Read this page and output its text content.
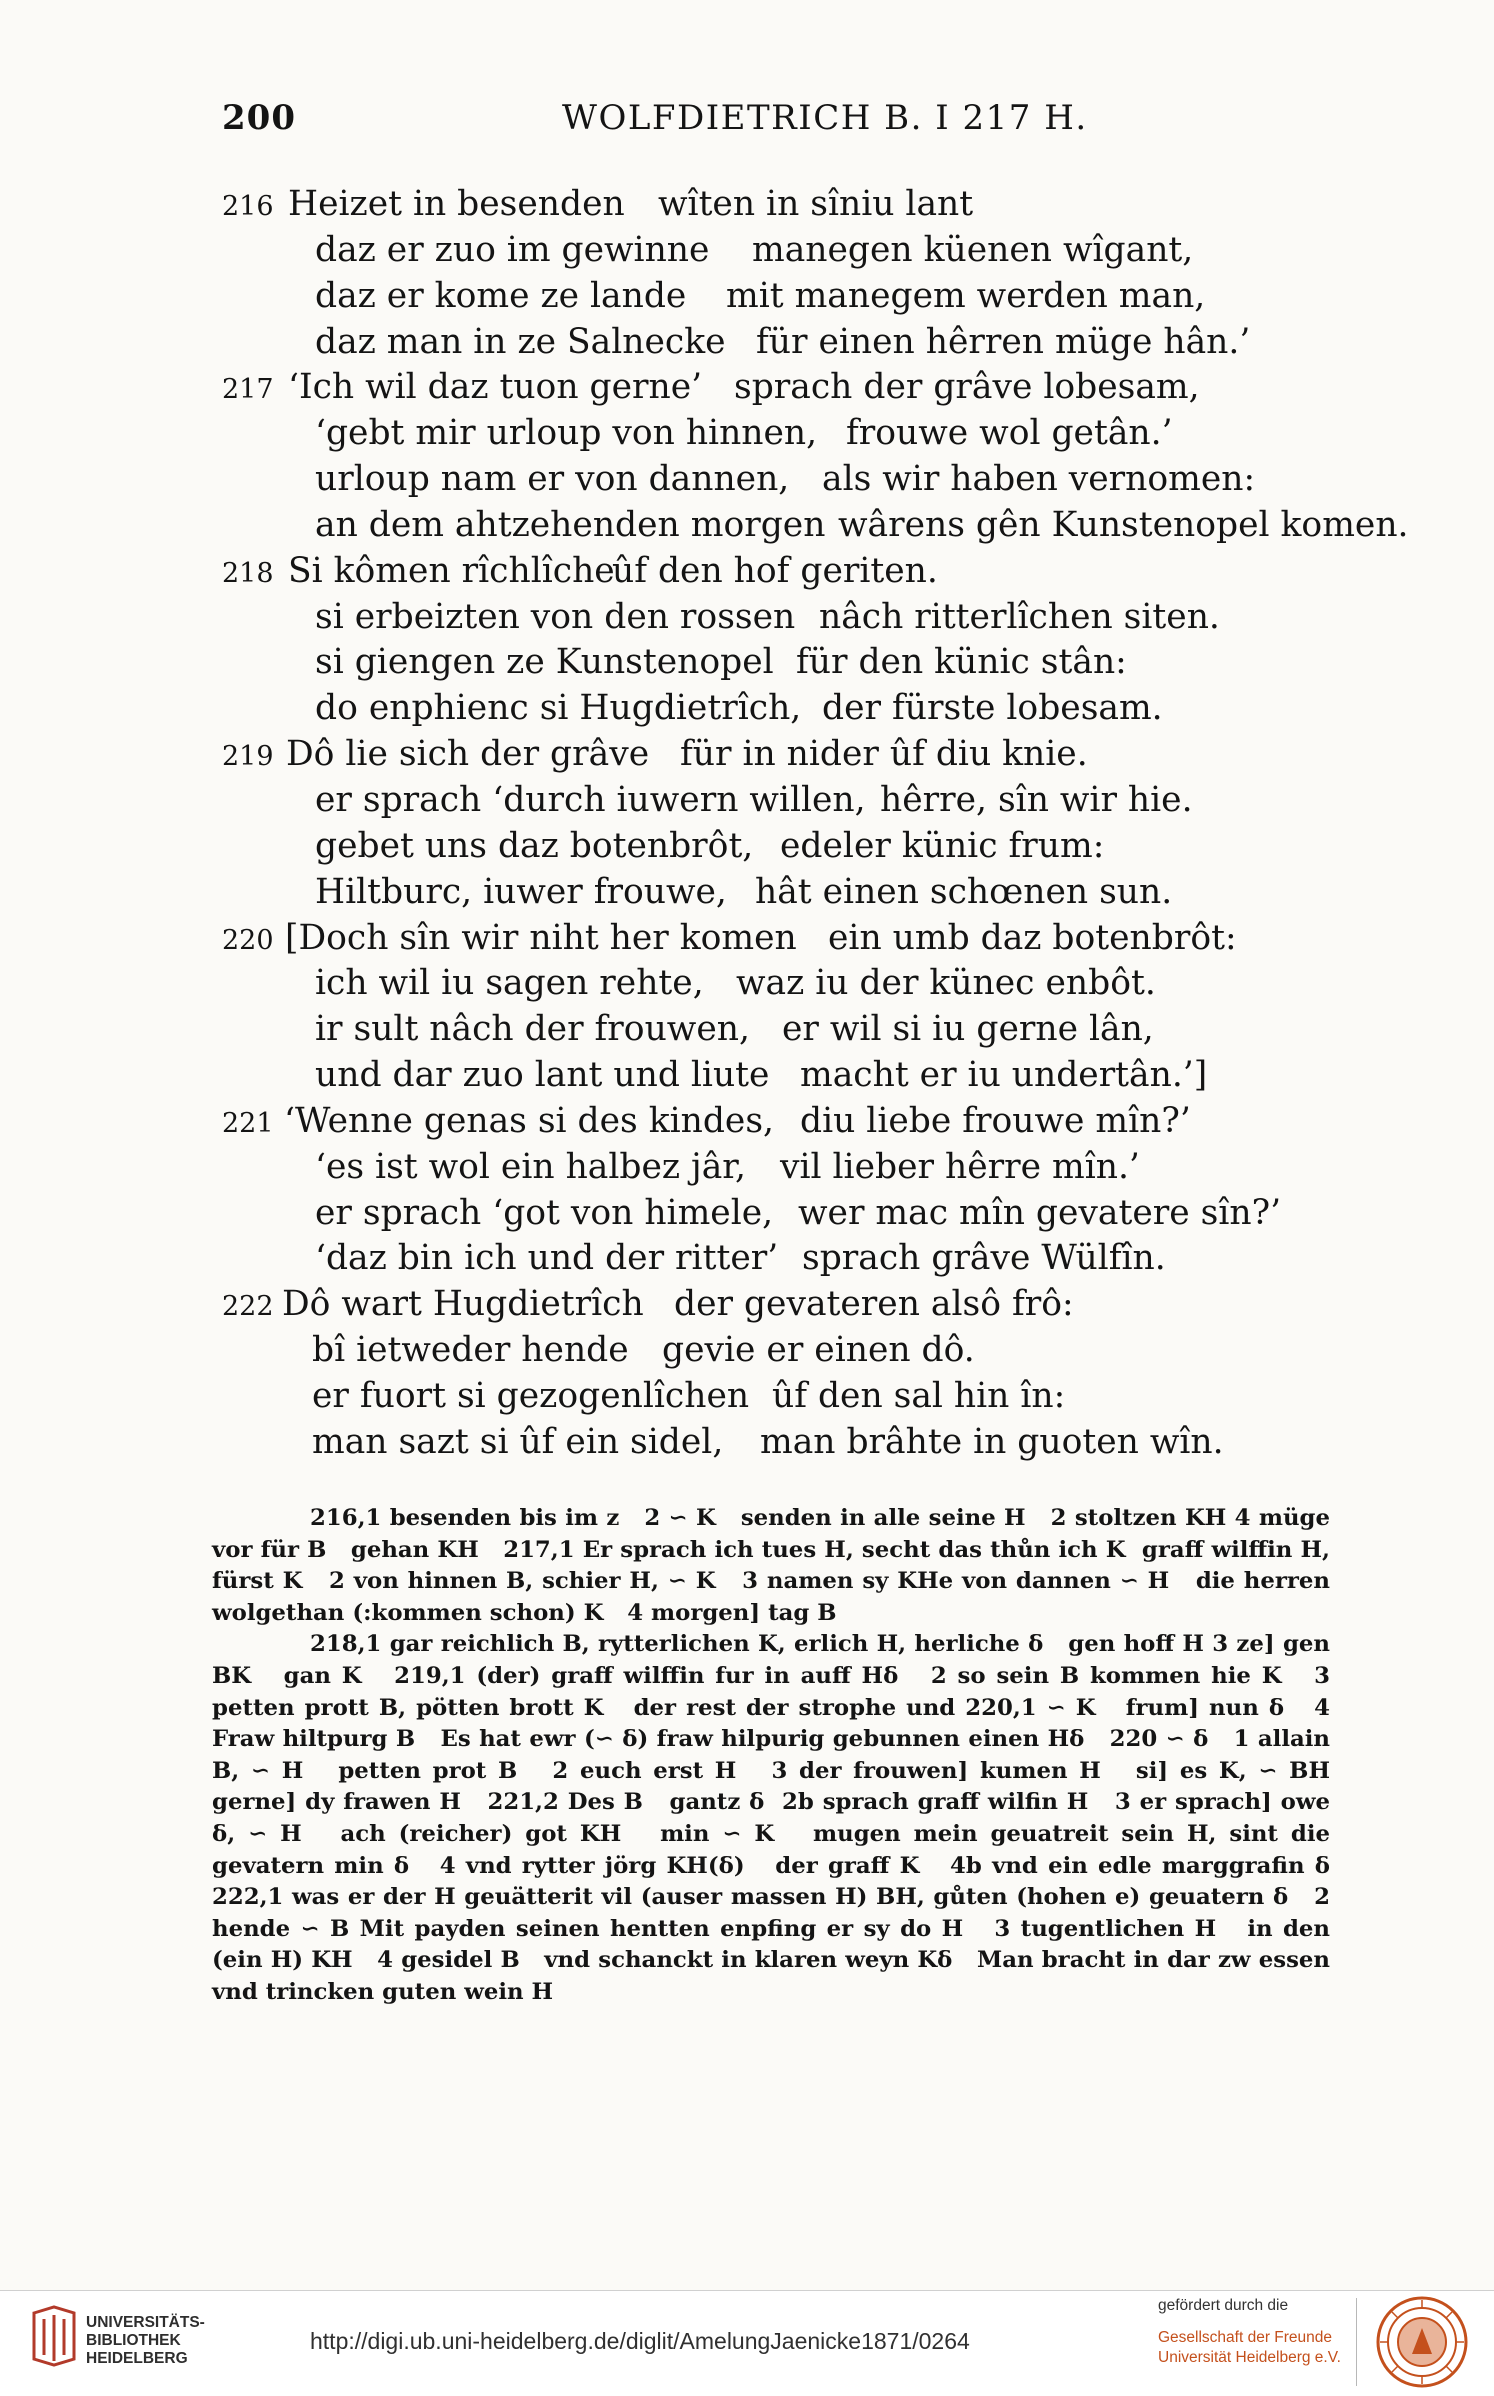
200	WOLFDIETRICH B. I 217 H.
216 Heizet in besenden wîten in sîniu lant
daz er zuo im gewinne manegen küenen wîgant,
daz er kome ze lande mit manegem werden man,
daz man in ze Salnecke für einen hêrren müge hân.’
217 ‘Ich wil daz tuon gerne’ sprach der grâve lobesam,
‘gebt mir urloup von hinnen, frouwe wol getân.’
urloup nam er von dannen, als wir haben vernomen:
an dem ahtzehenden morgen wârens gên Kunstenopel komen.
218 Si kômen rîchlîche
ûf den hof geriten.
si erbeizten von den rossen nâch ritterlîchen siten.
si giengen ze Kunstenopel für den künic stân:
do enphienc si Hugdietrîch, der fürste lobesam.
219 Dô lie sich der grâve für in nider ûf diu knie.
er sprach ‘durch iuwern willen, hêrre, sîn wir hie.
gebet uns daz botenbrôt, edeler künic frum:
Hiltburc, iuwer frouwe, hât einen schœnen sun.
220 [Doch sîn wir niht her komen ein umb daz botenbrôt:
ich wil iu sagen rehte, waz iu der künec enbôt.
ir sult nâch der frouwen, er wil si iu gerne lân,
und dar zuo lant und liute macht er iu undertân.’]
221 ‘Wenne genas si des kindes, diu liebe frouwe mîn?’
‘es ist wol ein halbez jâr, vil lieber hêrre mîn.’
er sprach ‘got von himele, wer mac mîn gevatere sîn?’
‘daz bin ich und der ritter’ sprach grâve Wülfîn.
222 Dô wart Hugdietrîch der gevateren alsô frô:
bî ietweder hende gevie er einen dô.
er fuort si gezogenlîchen ûf den sal hin în:
man sazt si ûf ein sidel, man brâhte in guoten wîn.

216,1 besenden bis im z   2 ∽ K   senden in alle seine H   2 stoltzen KH 4 müge vor für B   gehan KH   217,1 Er sprach ich tues H, secht das thůn ich K  graff wilffin H, fürst K   2 von hinnen B, schier H, ∽ K   3 namen sy KHe von dannen ∽ H   die herren wolgethan (:kommen schon) K   4 morgen] tag B

218,1 gar reichlich B, rytterlichen K, erlich H, herliche δ   gen hoff H 3 ze] gen BK   gan K   219,1 (der) graff wilffin fur in auff Hδ   2 so sein B kommen hie K   3 petten prott B, pötten brott K   der rest der strophe und 220,1 ∽ K   frum] nun δ   4 Fraw hiltpurg B   Es hat ewr (∽ δ) fraw hilpurig gebunnen einen Hδ   220 ∽ δ   1 allain B, ∽ H   petten prot B   2 euch erst H   3 der frouwen] kumen H   si] es K, ∽ BH   gerne] dy frawen H   221,2 Des B   gantz δ  2b sprach graff wilfin H   3 er sprach] owe δ, ∽ H   ach (reicher) got KH   min ∽ K   mugen mein geuatreit sein H, sint die gevatern min δ   4 vnd rytter jörg KH(δ)   der graff K   4b vnd ein edle marggrafin δ   222,1 was er der H geuätterit vil (auser massen H) BH, gůten (hohen e) geuatern δ   2 hende ∽ B Mit payden seinen hentten enpfing er sy do H   3 tugentlichen H   in den (ein H) KH   4 gesidel B   vnd schanckt in klaren weyn Kδ   Man bracht in dar zw essen vnd trincken guten wein H

UNIVERSITÄTS-
BIBLIOTHEK
HEIDELBERG
http://digi.ub.uni-heidelberg.de/diglit/AmelungJaenicke1871/0264
gefördert durch die
Gesellschaft der Freunde
Universität Heidelberg e.V.
